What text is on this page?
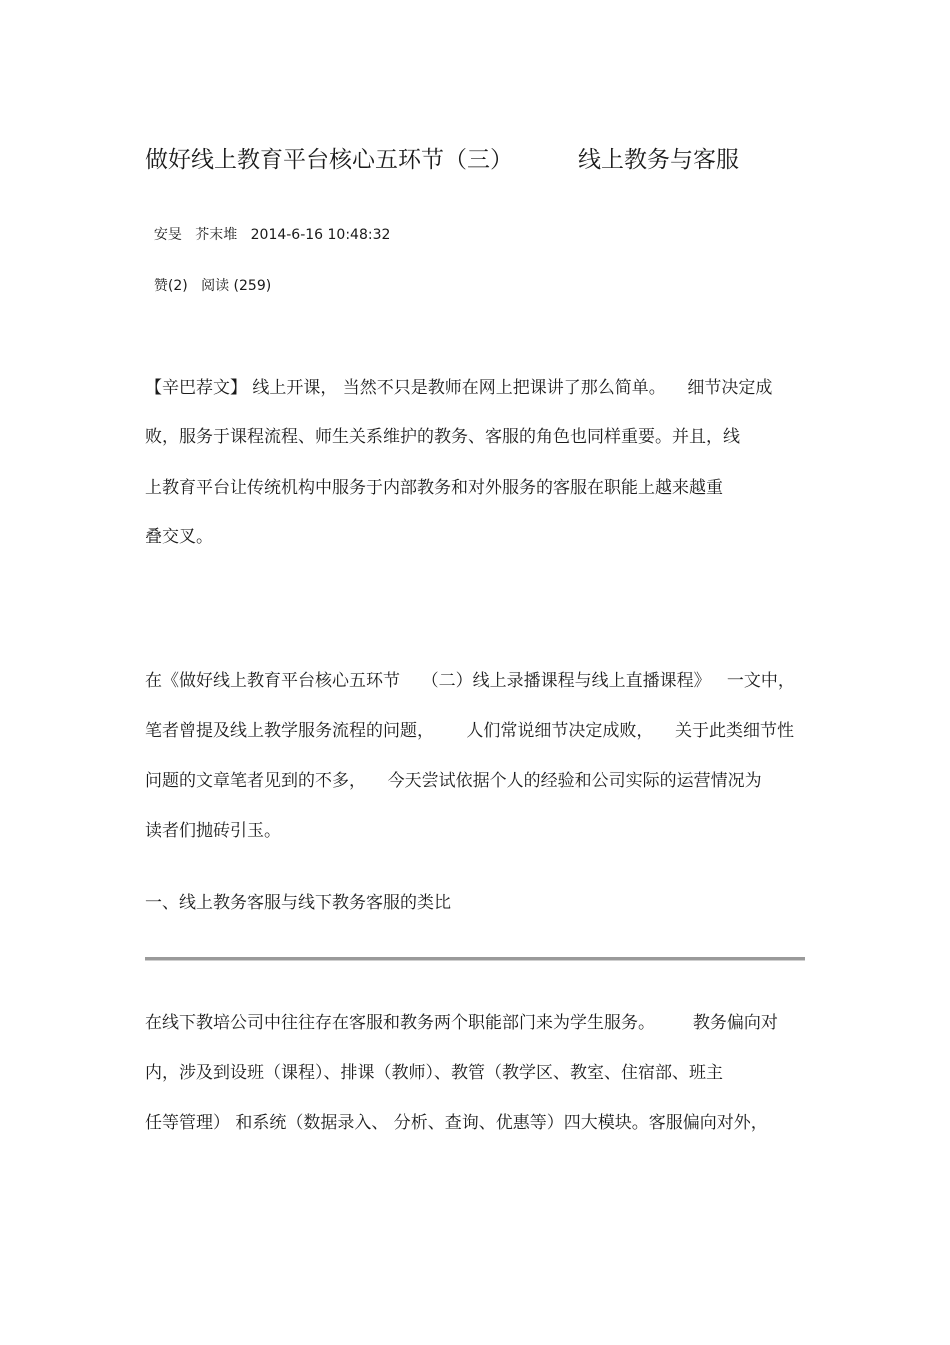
做好线上教育平台核心五环节（三）	线上教务与客服

安旻   芥末堆 2014-6-16 10:48:32

赞(2) 阅读 (259)

【辛巴荐文】 线上开课， 当然不只是教师在网上把课讲了那么简单。    细节决定成
败，服务于课程流程、师生关系维护的教务、客服的角色也同样重要。并且，线
上教育平台让传统机构中服务于内部教务和对外服务的客服在职能上越来越重
叠交叉。
在《做好线上教育平台核心五环节    （二）线上录播课程与线上直播课程》   一文中，
笔者曾提及线上教学服务流程的问题，      人们常说细节决定成败，    关于此类细节性
问题的文章笔者见到的不多，    今天尝试依据个人的经验和公司实际的运营情况为
读者们抛砖引玉。
一、线上教务客服与线下教务客服的类比
在线下教培公司中往往存在客服和教务两个职能部门来为学生服务。       教务偏向对
内，涉及到设班（课程）、排课（教师）、教管（教学区、教室、住宿部、班主
任等管理） 和系统（数据录入、 分析、查询、优惠等）四大模块。客服偏向对外，
